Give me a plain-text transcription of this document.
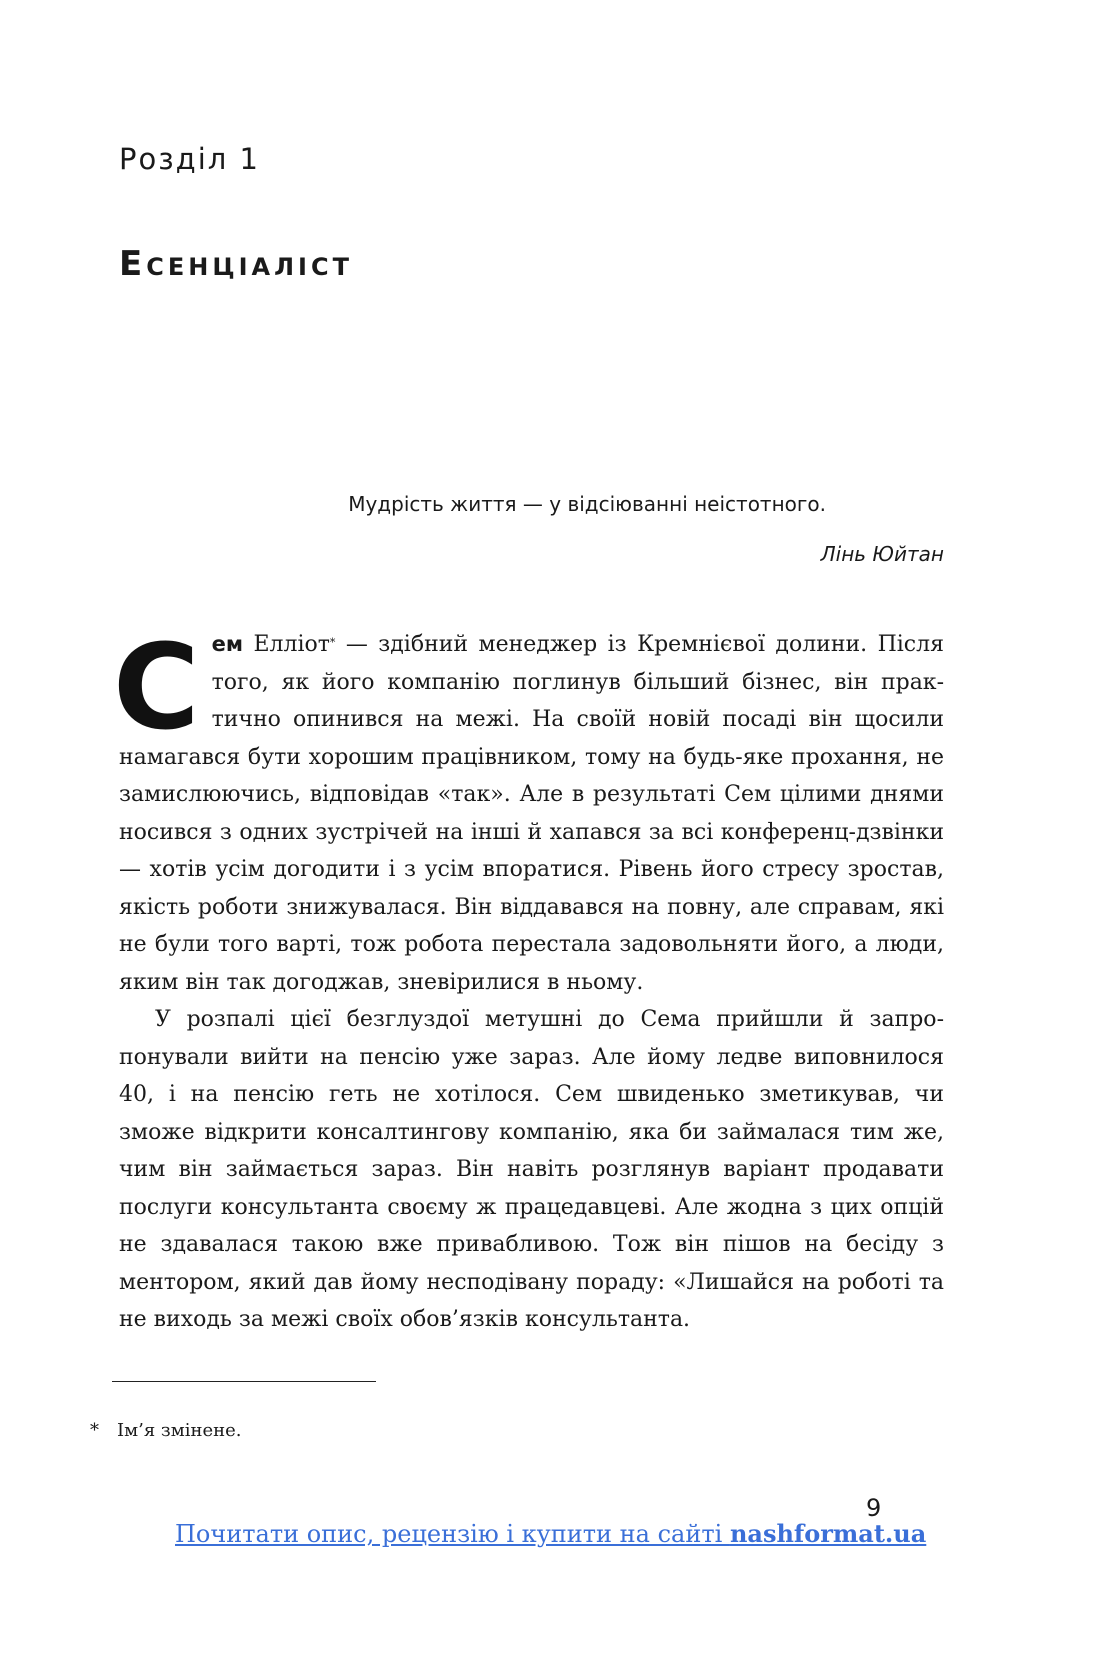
Розділ 1
Есенціаліст
Мудрість життя — у відсіюванні неістотного.
Лінь Юйтан

Сем Елліот* — здібний менеджер із Кремнієвої долини. Після того, як його компанію поглинув більший бізнес, він практично опинився на межі. На своїй новій посаді він щосили намагався бути хорошим працівником, тому на будь-яке прохання, не замислюючись, відповідав «так». Але в результаті Сем цілими днями носився з одних зустрічей на інші й хапався за всі конференц-дзвінки — хотів усім догодити і з усім впоратися. Рівень його стресу зростав, якість роботи знижувалася. Він віддавався на повну, але справам, які не були того варті, тож робота перестала задовольняти його, а люди, яким він так догоджав, зневірилися в ньому.

У розпалі цієї безглуздої метушні до Сема прийшли й запропонували вийти на пенсію уже зараз. Але йому ледве виповнилося 40, і на пенсію геть не хотілося. Сем швиденько зметикував, чи зможе відкрити консалтингову компанію, яка би займалася тим же, чим він займається зараз. Він навіть розглянув варіант продавати послуги консультанта своєму ж працедавцеві. Але жодна з цих опцій не здавалася такою вже привабливою. Тож він пішов на бесіду з ментором, який дав йому несподівану пораду: «Лишайся на роботі та не виходь за межі своїх обов’язків консультанта.

* Ім’я змінене.
9
Почитати опис, рецензію і купити на сайті nashformat.ua
